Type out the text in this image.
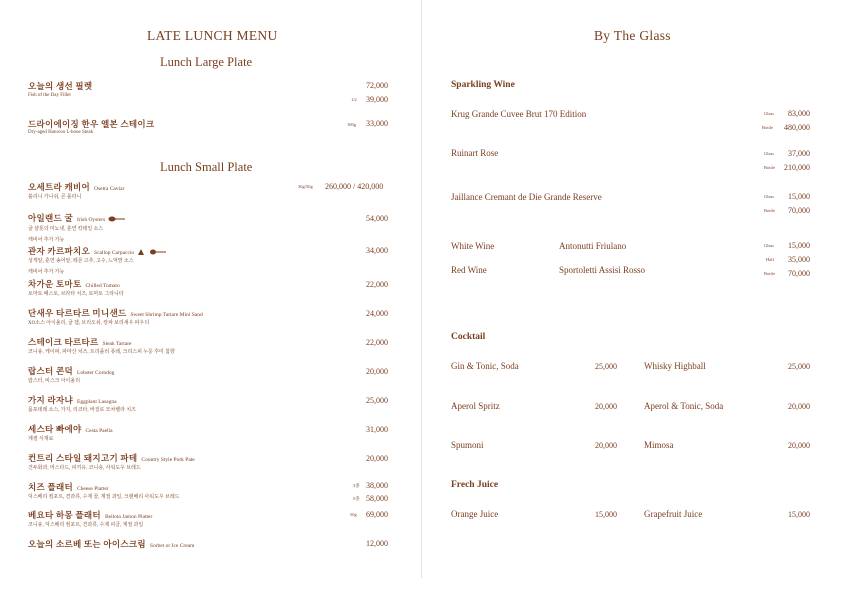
LATE LUNCH MENU
Lunch Large Plate
오늘의 생선 필렛	72,000
Fish of the Day Fillet
1/2 39,000
드라이에이징 한우 엘본 스테이크
Dry-aged Hanwoo L-bone Steak
100g 33,000
Lunch Small Plate
오세트라 캐비어 Osetra Caviar
블리니 가니쉬, 콘 플라니
30g/50g 260,000 / 420,000
아일랜드 굴 Irish Oysters
굴 샬롯의 미뇨넷, 훈연 칵테일 소스
캐비어 추가 가능
54,000
관자 카르파치오 Scallop Carpaccio
성게알, 훈연 송어알, 레몬 고추, 고수, 느억맘 소스
캐비어 추가 가능
34,000
차가운 토마토 Chilled Tomato
토마토 페스토, 브라타 치즈, 토마토 그라니타
22,000
단새우 타르타르 미니샌드 Sweet Shrimp Tartare Mini Sand
XO소스 아이올리, 굴 잼, 브리오쉬, 캉파 보리새우 파우더
24,000
스테이크 타르타르 Steak Tartare
코니숑, 케이퍼, 파마산 치즈, 트리플러 퓨레, 크리스피 누룽 후미 첨향
22,000
랍스터 콘덕 Lobster Corndog
랍스터, 비스크 아이올리
20,000
가지 라자냐 Eggplant Lasagna
폼포데레 소스, 가지, 리코타, 바질로 모차렐라 치즈
25,000
세스타 빠에야 Cesta Paella
계절 식재료
31,000
컨트리 스타일 돼지고기 파테 Country Style Pork Pate
건두화과, 머스타드, 피끼유, 코니숑, 사워도우 브레드
20,000
치즈 플래터 Cheese Platter
딕스베리 컴포트, 견과류, 수제 꿀, 계절 과일, 크랜베리 사워도우 브레드
3종 38,000
5종 58,000
베요타 하몽 플래터 Bellota Jamon Platter
코니숑, 딕스베리 컴포트, 견과류, 수제 피클, 계절 과일
50g 69,000
오늘의 소르베 또는 아이스크림 Sorbet or Ice Cream	12,000
By The Glass
Sparkling Wine
Krug Grande Cuvee Brut 170 Edition	Glass 83,000
Bottle 480,000
Ruinart Rose	Glass 37,000
Bottle 210,000
Jaillance Cremant de Die Grande Reserve	Glass 15,000
Bottle 70,000
White Wine	Antonutti Friulano	Glass 15,000
Half 35,000
Red Wine	Sportoletti Assisi Rosso	Bottle 70,000
Cocktail
Gin & Tonic, Soda	25,000	Whisky Highball	25,000
Aperol Spritz	20,000	Aperol & Tonic, Soda	20,000
Spumoni	20,000	Mimosa	20,000
Frech Juice
Orange Juice	15,000	Grapefruit Juice	15,000
